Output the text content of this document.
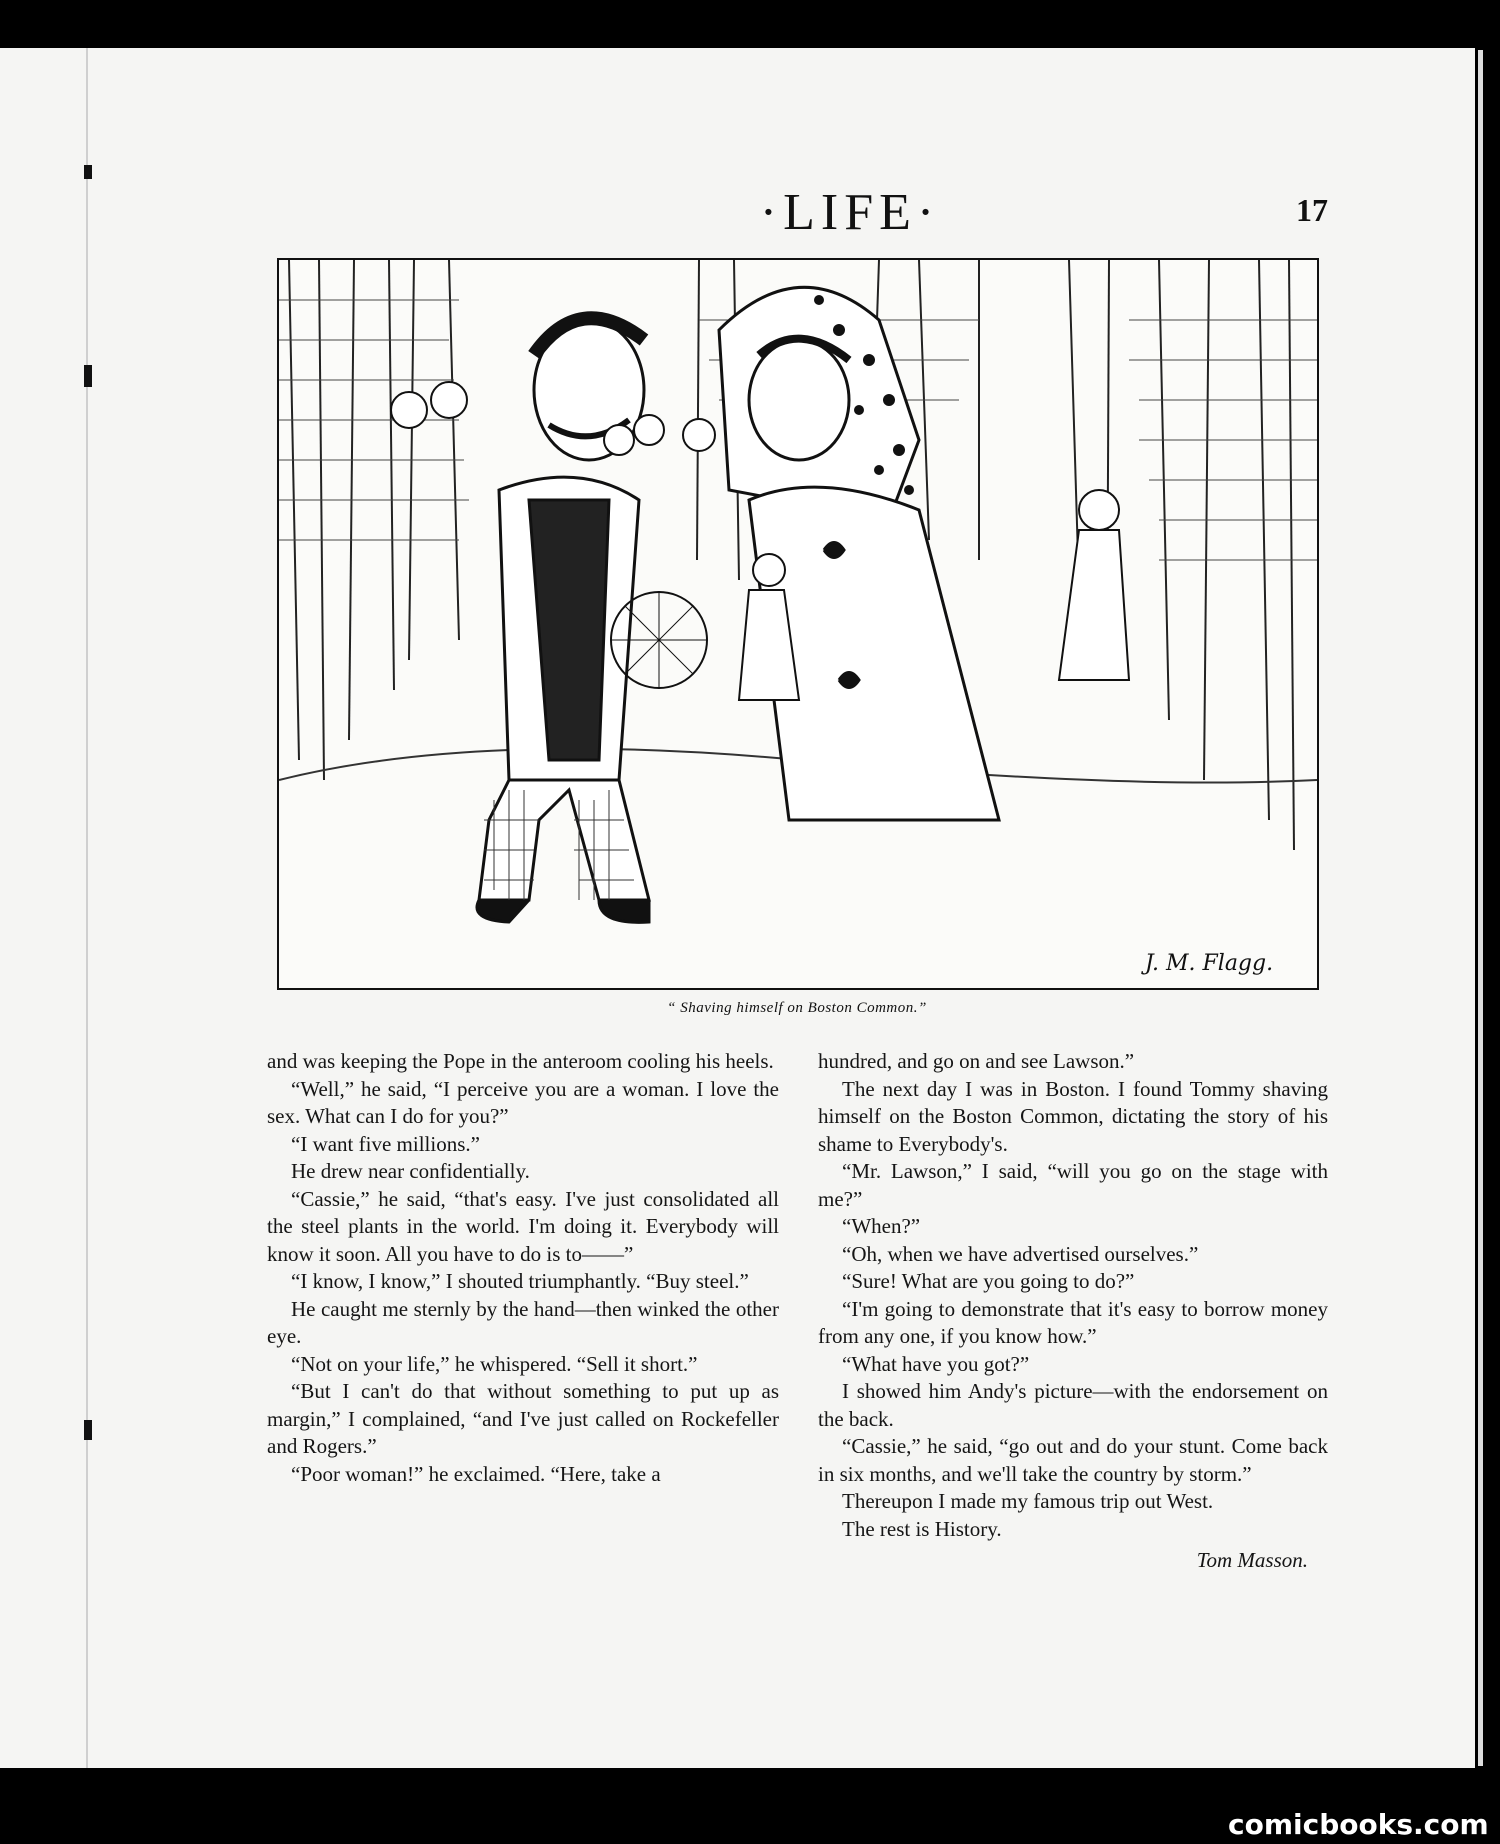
·LIFE·	17
J. M. Flagg.
“ Shaving himself on Boston Common.”

and was keeping the Pope in the anteroom cooling his heels.

“Well,” he said, “I perceive you are a woman. I love the sex. What can I do for you?”

“I want five millions.”

He drew near confidentially.

“Cassie,” he said, “that's easy. I've just consolidated all the steel plants in the world. I'm doing it. Everybody will know it soon. All you have to do is to——”

“I know, I know,” I shouted triumphantly. “Buy steel.”

He caught me sternly by the hand—then winked the other eye.

“Not on your life,” he whispered. “Sell it short.”

“But I can't do that without something to put up as margin,” I complained, “and I've just called on Rockefeller and Rogers.”

“Poor woman!” he exclaimed. “Here, take a

hundred, and go on and see Lawson.”

The next day I was in Boston. I found Tommy shaving himself on the Boston Common, dictating the story of his shame to Everybody's.

“Mr. Lawson,” I said, “will you go on the stage with me?”

“When?”

“Oh, when we have advertised ourselves.”

“Sure! What are you going to do?”

“I'm going to demonstrate that it's easy to borrow money from any one, if you know how.”

“What have you got?”

I showed him Andy's picture—with the endorsement on the back.

“Cassie,” he said, “go out and do your stunt. Come back in six months, and we'll take the country by storm.”

Thereupon I made my famous trip out West.

The rest is History.

Tom Masson.

comicbooks.com
